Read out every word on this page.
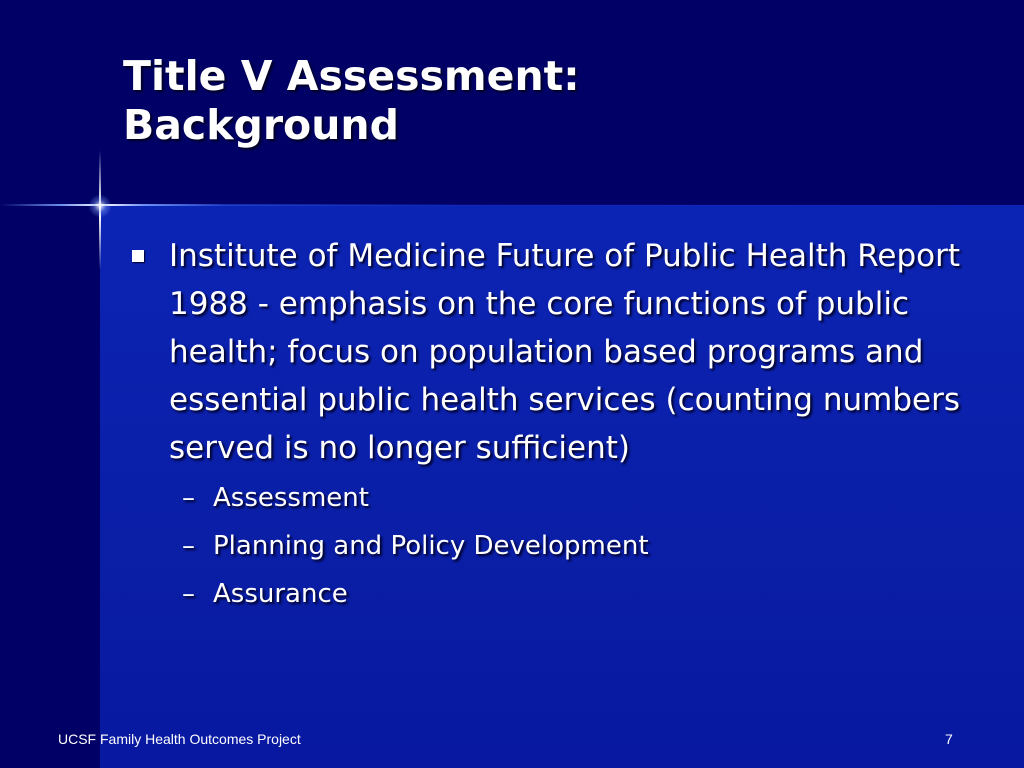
Title V Assessment:
Background
Institute of Medicine Future of Public Health Report 1988 - emphasis on the core functions of public health; focus on population based programs and essential public health services (counting numbers served is no longer sufficient)
– Assessment
– Planning and Policy Development
– Assurance
UCSF Family Health Outcomes Project	7
